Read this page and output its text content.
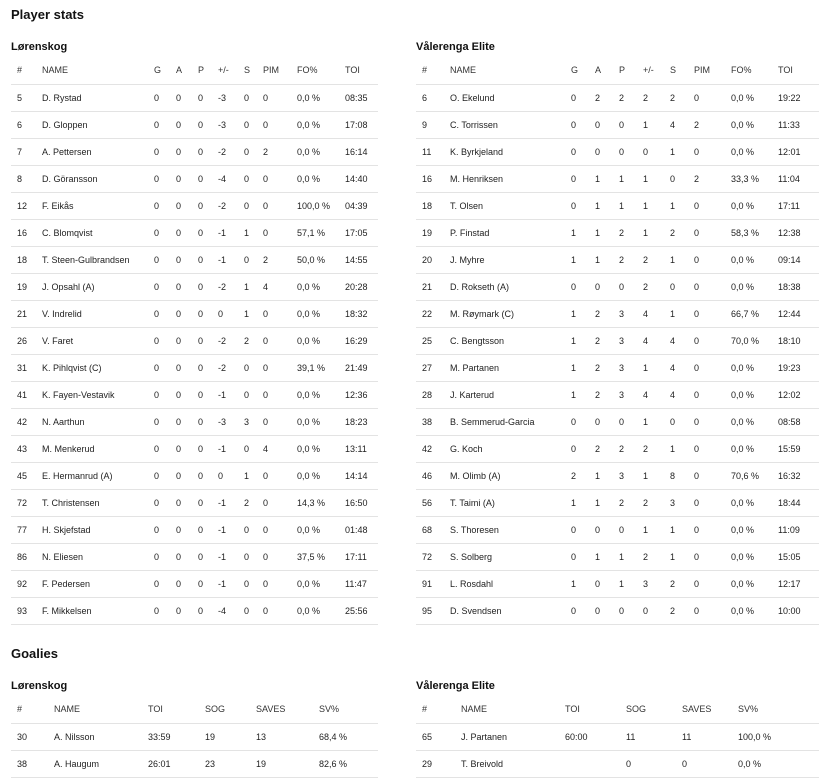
Player stats
Lørenskog
#	NAME	G	A	P	+/-	S	PIM	FO%	TOI
5	D. Rystad	0	0	0	-3	0	0	0,0 %	08:35
6	D. Gloppen	0	0	0	-3	0	0	0,0 %	17:08
7	A. Pettersen	0	0	0	-2	0	2	0,0 %	16:14
8	D. Göransson	0	0	0	-4	0	0	0,0 %	14:40
12	F. Eikås	0	0	0	-2	0	0	100,0 %	04:39
16	C. Blomqvist	0	0	0	-1	1	0	57,1 %	17:05
18	T. Steen-Gulbrandsen	0	0	0	-1	0	2	50,0 %	14:55
19	J. Opsahl (A)	0	0	0	-2	1	4	0,0 %	20:28
21	V. Indrelid	0	0	0	0	1	0	0,0 %	18:32
26	V. Faret	0	0	0	-2	2	0	0,0 %	16:29
31	K. Pihlqvist (C)	0	0	0	-2	0	0	39,1 %	21:49
41	K. Fayen-Vestavik	0	0	0	-1	0	0	0,0 %	12:36
42	N. Aarthun	0	0	0	-3	3	0	0,0 %	18:23
43	M. Menkerud	0	0	0	-1	0	4	0,0 %	13:11
45	E. Hermanrud (A)	0	0	0	0	1	0	0,0 %	14:14
72	T. Christensen	0	0	0	-1	2	0	14,3 %	16:50
77	H. Skjefstad	0	0	0	-1	0	0	0,0 %	01:48
86	N. Eliesen	0	0	0	-1	0	0	37,5 %	17:11
92	F. Pedersen	0	0	0	-1	0	0	0,0 %	11:47
93	F. Mikkelsen	0	0	0	-4	0	0	0,0 %	25:56
Vålerenga Elite
#	NAME	G	A	P	+/-	S	PIM	FO%	TOI
6	O. Ekelund	0	2	2	2	2	0	0,0 %	19:22
9	C. Torrissen	0	0	0	1	4	2	0,0 %	11:33
11	K. Byrkjeland	0	0	0	0	1	0	0,0 %	12:01
16	M. Henriksen	0	1	1	1	0	2	33,3 %	11:04
18	T. Olsen	0	1	1	1	1	0	0,0 %	17:11
19	P. Finstad	1	1	2	1	2	0	58,3 %	12:38
20	J. Myhre	1	1	2	2	1	0	0,0 %	09:14
21	D. Rokseth (A)	0	0	0	2	0	0	0,0 %	18:38
22	M. Røymark (C)	1	2	3	4	1	0	66,7 %	12:44
25	C. Bengtsson	1	2	3	4	4	0	70,0 %	18:10
27	M. Partanen	1	2	3	1	4	0	0,0 %	19:23
28	J. Karterud	1	2	3	4	4	0	0,0 %	12:02
38	B. Semmerud-Garcia	0	0	0	1	0	0	0,0 %	08:58
42	G. Koch	0	2	2	2	1	0	0,0 %	15:59
46	M. Olimb (A)	2	1	3	1	8	0	70,6 %	16:32
56	T. Taimi (A)	1	1	2	2	3	0	0,0 %	18:44
68	S. Thoresen	0	0	0	1	1	0	0,0 %	11:09
72	S. Solberg	0	1	1	2	1	0	0,0 %	15:05
91	L. Rosdahl	1	0	1	3	2	0	0,0 %	12:17
95	D. Svendsen	0	0	0	0	2	0	0,0 %	10:00
Goalies
Lørenskog
#	NAME	TOI	SOG	SAVES	SV%
30	A. Nilsson	33:59	19	13	68,4 %
38	A. Haugum	26:01	23	19	82,6 %
Vålerenga Elite
#	NAME	TOI	SOG	SAVES	SV%
65	J. Partanen	60:00	11	11	100,0 %
29	T. Breivold		0	0	0,0 %
